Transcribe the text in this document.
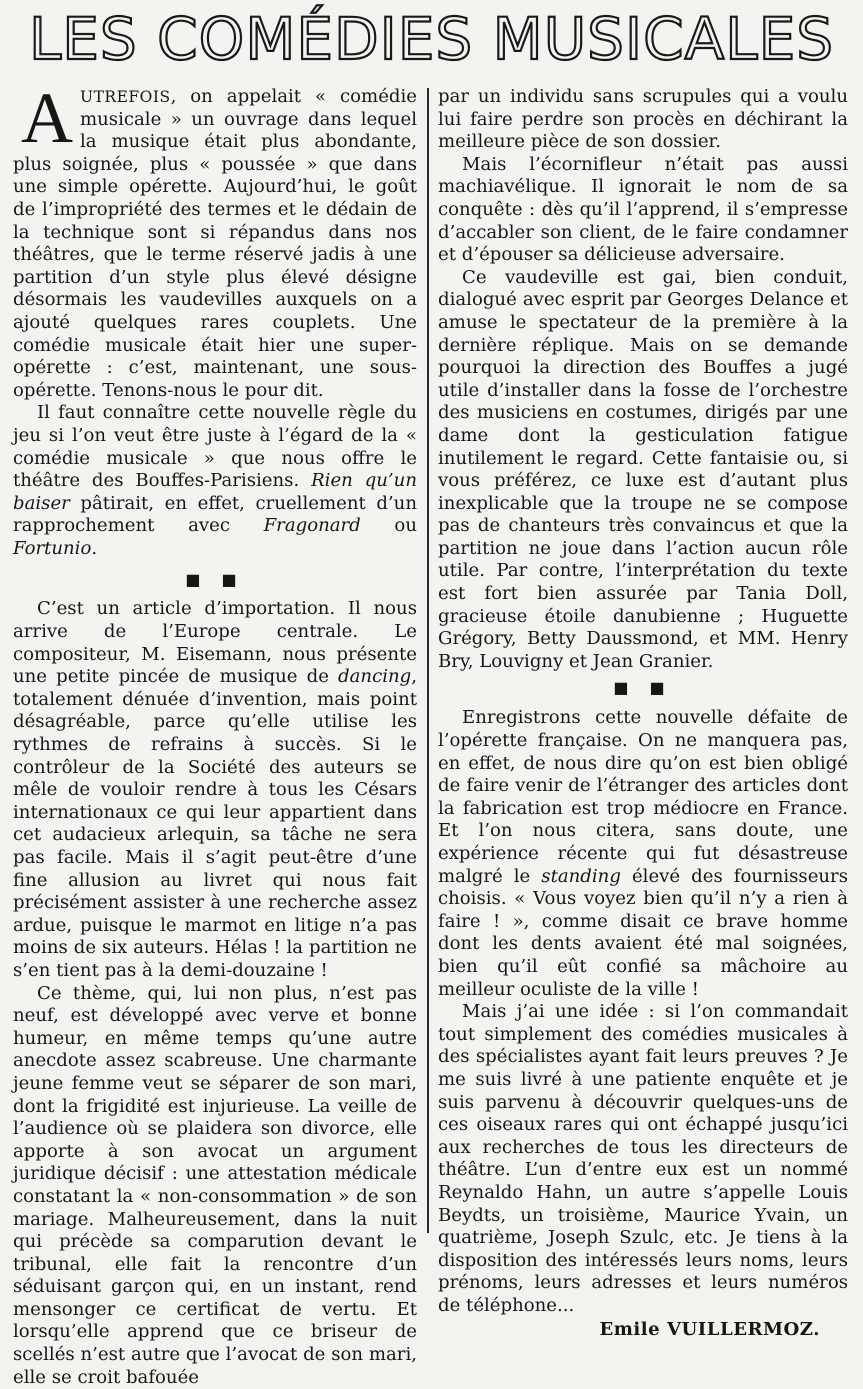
LES COMÉDIES MUSICALES

AUTREFOIS, on appelait « comédie musicale » un ouvrage dans lequel la musique était plus abondante, plus soignée, plus « poussée » que dans une simple opérette. Aujourd’hui, le goût de l’impropriété des termes et le dédain de la technique sont si répandus dans nos théâtres, que le terme réservé jadis à une partition d’un style plus élevé désigne désormais les vaudevilles auxquels on a ajouté quelques rares couplets. Une comédie musicale était hier une super-opérette : c’est, maintenant, une sous-opérette. Tenons-nous le pour dit.

Il faut connaître cette nouvelle règle du jeu si l’on veut être juste à l’égard de la « comédie musicale » que nous offre le théâtre des Bouffes-Parisiens. Rien qu’un baiser pâtirait, en effet, cruellement d’un rapprochement avec Fragonard ou Fortunio.

■ ■

C’est un article d’importation. Il nous arrive de l’Europe centrale. Le compositeur, M. Eisemann, nous présente une petite pincée de musique de dancing, totalement dénuée d’invention, mais point désagréable, parce qu’elle utilise les rythmes de refrains à succès. Si le contrôleur de la Société des auteurs se mêle de vouloir rendre à tous les Césars internationaux ce qui leur appartient dans cet audacieux arlequin, sa tâche ne sera pas facile. Mais il s’agit peut-être d’une fine allusion au livret qui nous fait précisément assister à une recherche assez ardue, puisque le marmot en litige n’a pas moins de six auteurs. Hélas ! la partition ne s’en tient pas à la demi-douzaine !

Ce thème, qui, lui non plus, n’est pas neuf, est développé avec verve et bonne humeur, en même temps qu’une autre anecdote assez scabreuse. Une charmante jeune femme veut se séparer de son mari, dont la frigidité est injurieuse. La veille de l’audience où se plaidera son divorce, elle apporte à son avocat un argument juridique décisif : une attestation médicale constatant la « non-consommation » de son mariage. Malheureusement, dans la nuit qui précède sa comparution devant le tribunal, elle fait la rencontre d’un séduisant garçon qui, en un instant, rend mensonger ce certificat de vertu. Et lorsqu’elle apprend que ce briseur de scellés n’est autre que l’avocat de son mari, elle se croit bafouée

par un individu sans scrupules qui a voulu lui faire perdre son procès en déchirant la meilleure pièce de son dossier.

Mais l’écornifleur n’était pas aussi machiavélique. Il ignorait le nom de sa conquête : dès qu’il l’apprend, il s’empresse d’accabler son client, de le faire condamner et d’épouser sa délicieuse adversaire.

Ce vaudeville est gai, bien conduit, dialogué avec esprit par Georges Delance et amuse le spectateur de la première à la dernière réplique. Mais on se demande pourquoi la direction des Bouffes a jugé utile d’installer dans la fosse de l’orchestre des musiciens en costumes, dirigés par une dame dont la gesticulation fatigue inutilement le regard. Cette fantaisie ou, si vous préférez, ce luxe est d’autant plus inexplicable que la troupe ne se compose pas de chanteurs très convaincus et que la partition ne joue dans l’action aucun rôle utile. Par contre, l’interprétation du texte est fort bien assurée par Tania Doll, gracieuse étoile danubienne ; Huguette Grégory, Betty Daussmond, et MM. Henry Bry, Louvigny et Jean Granier.

■ ■

Enregistrons cette nouvelle défaite de l’opérette française. On ne manquera pas, en effet, de nous dire qu’on est bien obligé de faire venir de l’étranger des articles dont la fabrication est trop médiocre en France. Et l’on nous citera, sans doute, une expérience récente qui fut désastreuse malgré le standing élevé des fournisseurs choisis. « Vous voyez bien qu’il n’y a rien à faire ! », comme disait ce brave homme dont les dents avaient été mal soignées, bien qu’il eût confié sa mâchoire au meilleur oculiste de la ville !

Mais j’ai une idée : si l’on commandait tout simplement des comédies musicales à des spécialistes ayant fait leurs preuves ? Je me suis livré à une patiente enquête et je suis parvenu à découvrir quelques-uns de ces oiseaux rares qui ont échappé jusqu’ici aux recherches de tous les directeurs de théâtre. L’un d’entre eux est un nommé Reynaldo Hahn, un autre s’appelle Louis Beydts, un troisième, Maurice Yvain, un quatrième, Joseph Szulc, etc. Je tiens à la disposition des intéressés leurs noms, leurs prénoms, leurs adresses et leurs numéros de téléphone...

Emile VUILLERMOZ.
